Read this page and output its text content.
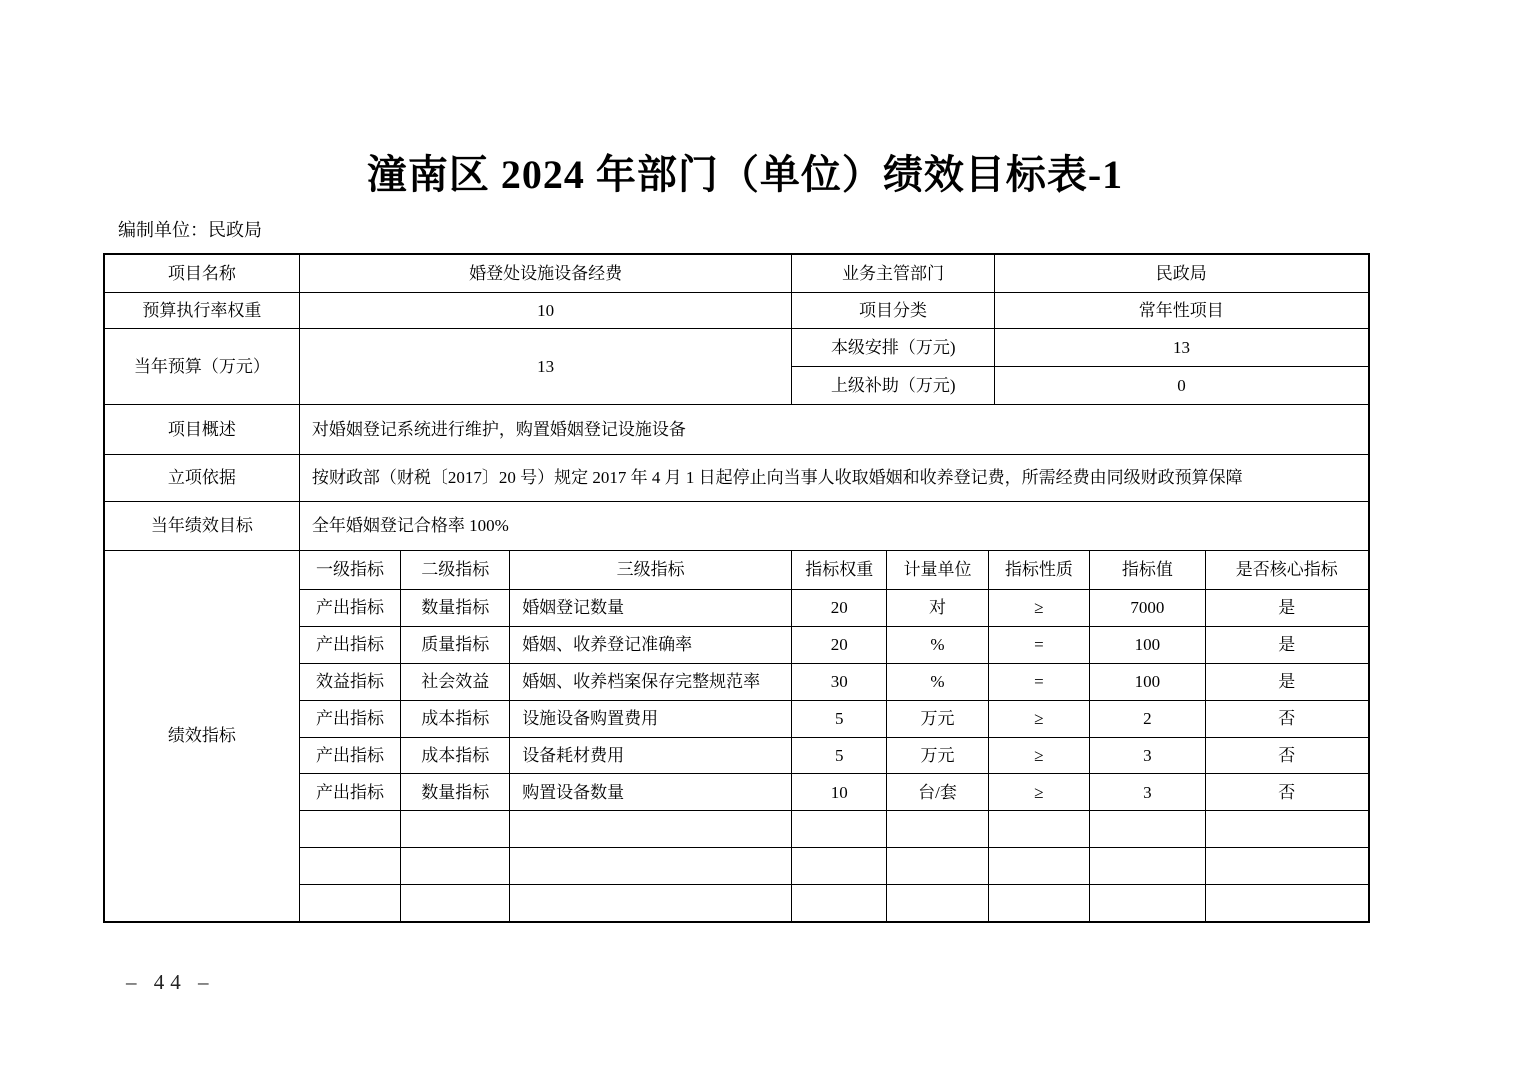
潼南区 2024 年部门（单位）绩效目标表-1
编制单位：民政局
项目名称	婚登处设施设备经费	业务主管部门	民政局
预算执行率权重	10	项目分类	常年性项目
当年预算（万元）	13
本级安排（万元)	13
上级补助（万元)	0
项目概述	对婚姻登记系统进行维护，购置婚姻登记设施设备
立项依据	按财政部（财税〔2017〕20 号）规定 2017 年 4 月 1 日起停止向当事人收取婚姻和收养登记费，所需经费由同级财政预算保障
当年绩效目标	全年婚姻登记合格率 100%
绩效指标
一级指标	二级指标	三级指标	指标权重	计量单位	指标性质	指标值	是否核心指标
产出指标	数量指标	婚姻登记数量	20	对	≥	7000	是
产出指标	质量指标	婚姻、收养登记准确率	20	%	=	100	是
效益指标	社会效益	婚姻、收养档案保存完整规范率	30	%	=	100	是
产出指标	成本指标	设施设备购置费用	5	万元	≥	2	否
产出指标	成本指标	设备耗材费用	5	万元	≥	3	否
产出指标	数量指标	购置设备数量	10	台/套	≥	3	否
– 44 –
